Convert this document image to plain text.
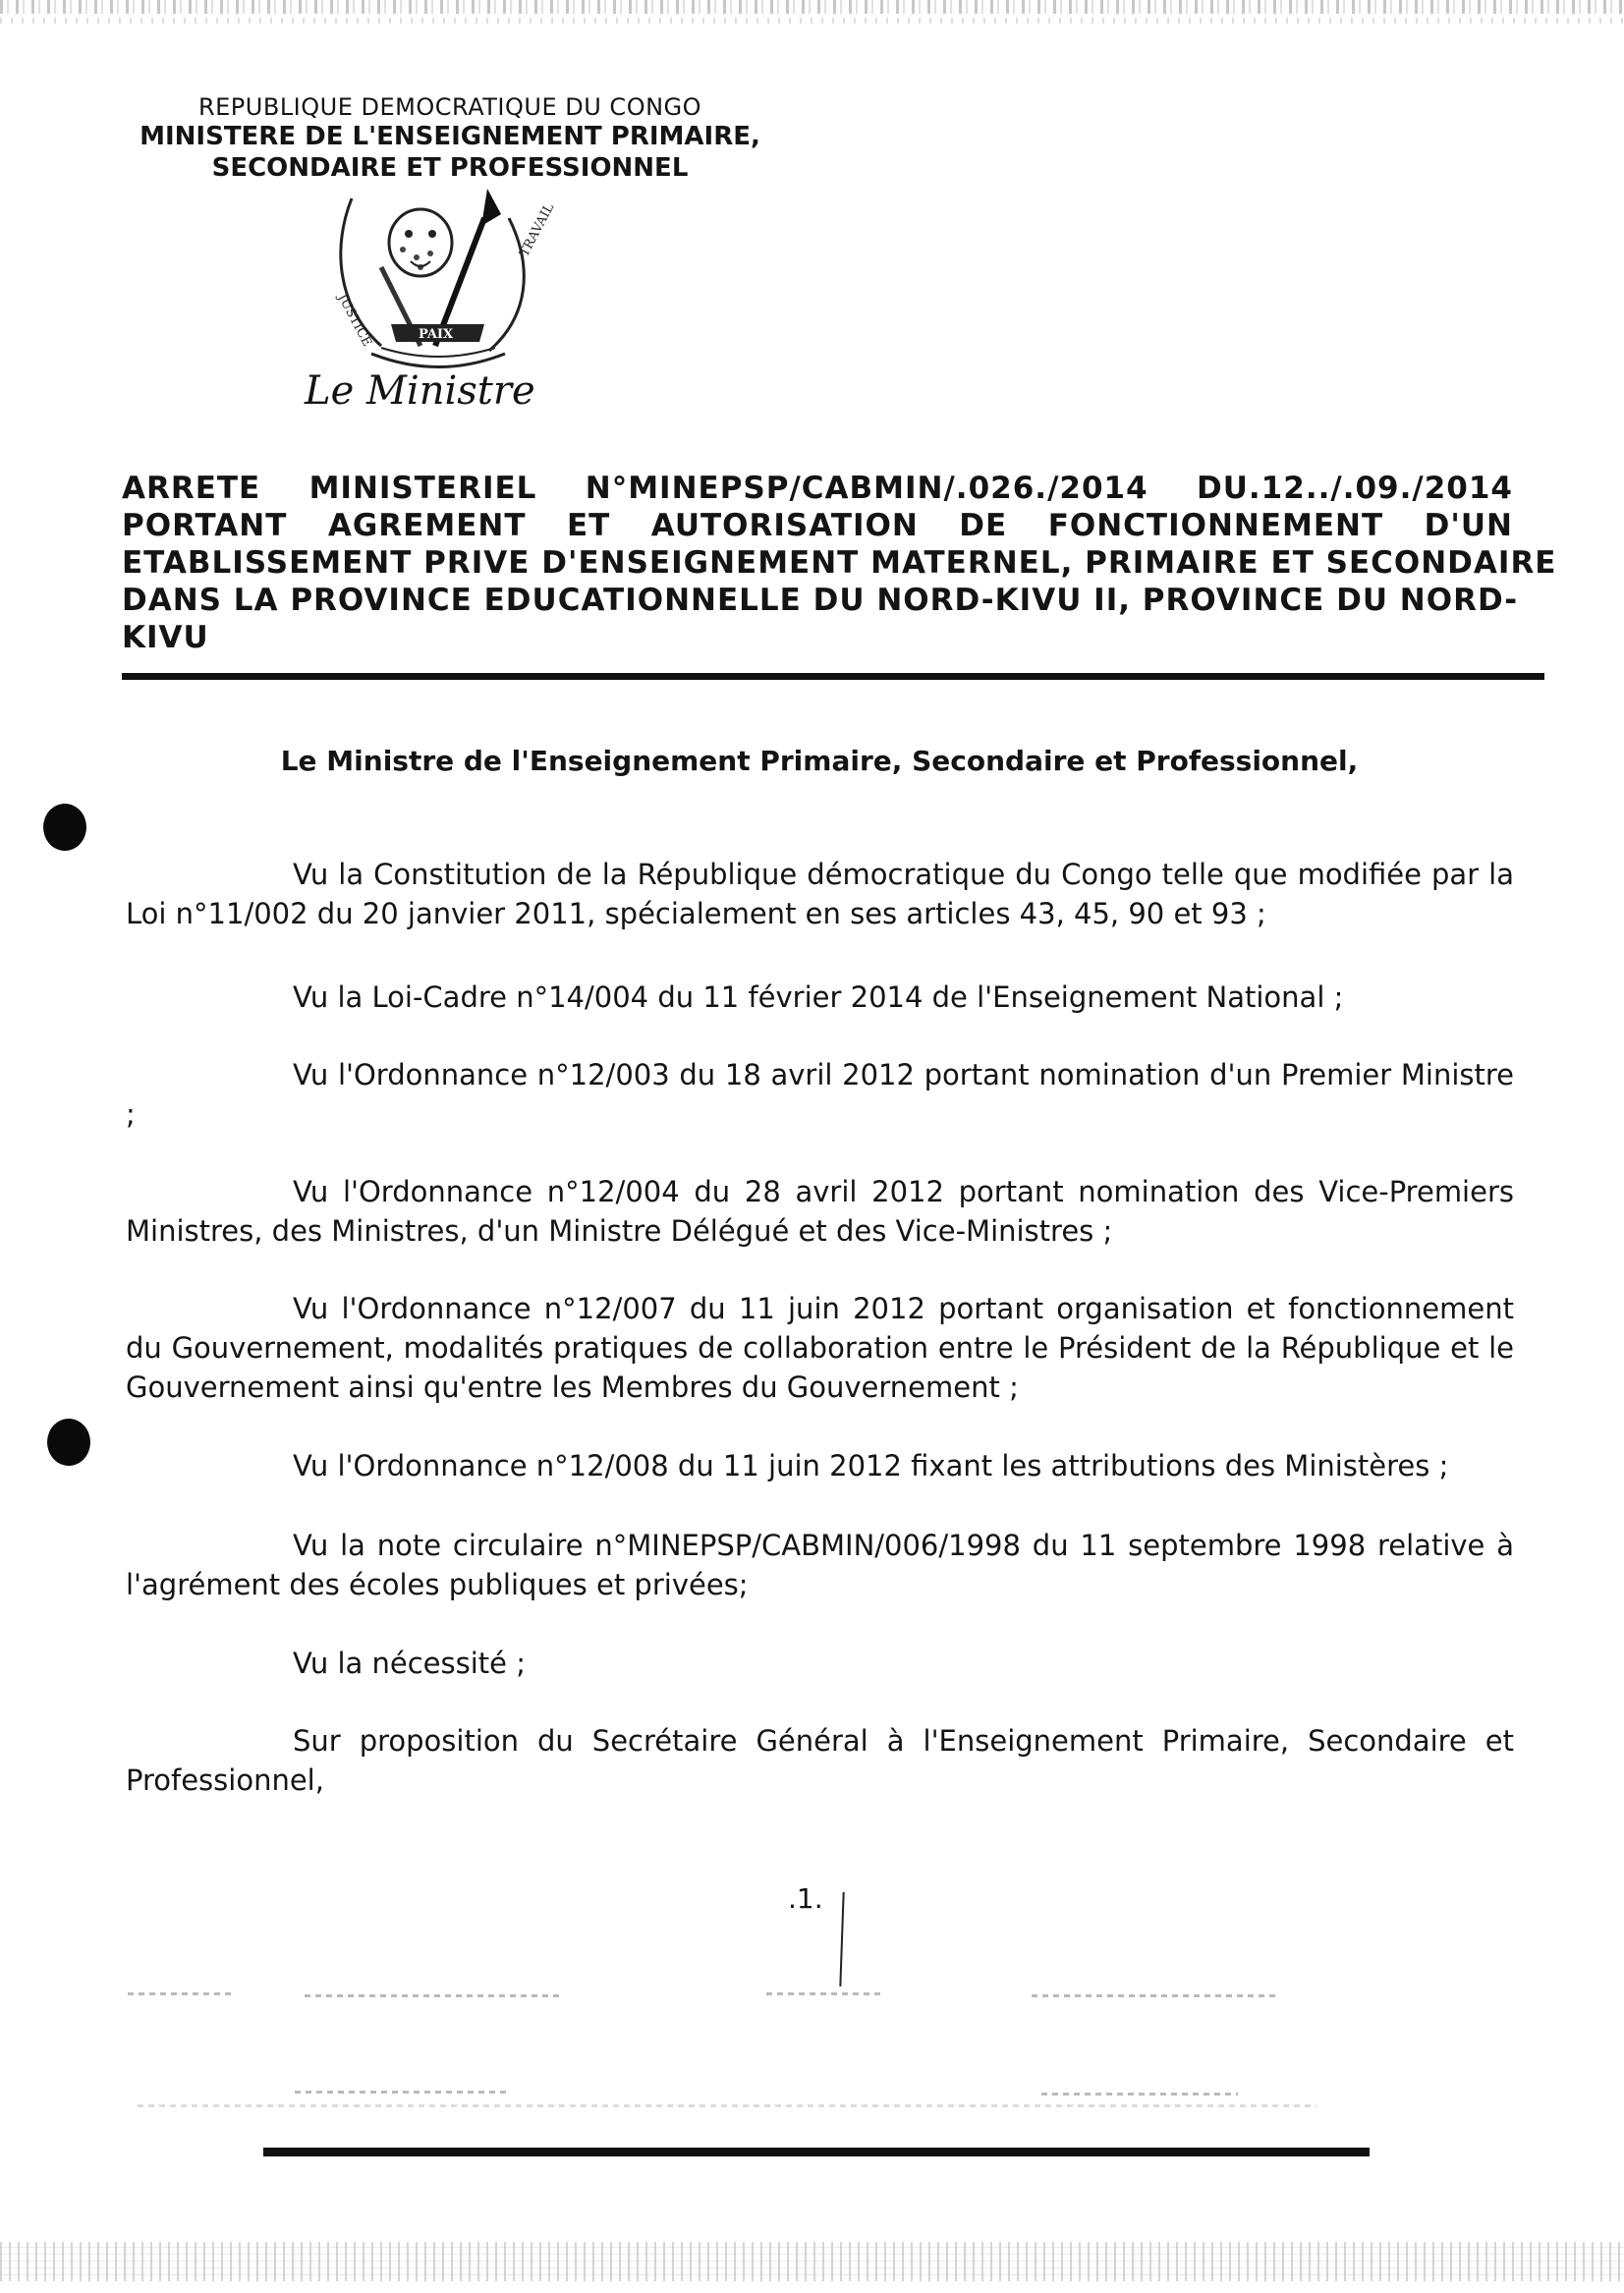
REPUBLIQUE DEMOCRATIQUE DU CONGO
MINISTERE DE L'ENSEIGNEMENT PRIMAIRE,
SECONDAIRE ET PROFESSIONNEL
JUSTICE
TRAVAIL
PAIX
Le Ministre
ARRETE MINISTERIEL N°MINEPSP/CABMIN/.026./2014 DU.12../.09./2014
PORTANT AGREMENT ET AUTORISATION DE FONCTIONNEMENT D'UN
ETABLISSEMENT PRIVE D'ENSEIGNEMENT MATERNEL, PRIMAIRE ET SECONDAIRE
DANS LA PROVINCE EDUCATIONNELLE DU NORD-KIVU II, PROVINCE DU NORD-
KIVU
Le Ministre de l'Enseignement Primaire, Secondaire et Professionnel,

Vu la Constitution de la République démocratique du Congo telle que modifiée par la Loi n°11/002 du 20 janvier 2011, spécialement en ses articles 43, 45, 90 et 93 ;

Vu la Loi-Cadre n°14/004 du 11 février 2014 de l'Enseignement National ;

Vu l'Ordonnance n°12/003 du 18 avril 2012 portant nomination d'un Premier Ministre ;

Vu l'Ordonnance n°12/004 du 28 avril 2012 portant nomination des Vice-Premiers Ministres, des Ministres, d'un Ministre Délégué et des Vice-Ministres ;

Vu l'Ordonnance n°12/007 du 11 juin 2012 portant organisation et fonctionnement du Gouvernement, modalités pratiques de collaboration entre le Président de la République et le Gouvernement ainsi qu'entre les Membres du Gouvernement ;

Vu l'Ordonnance n°12/008 du 11 juin 2012 fixant les attributions des Ministères ;

Vu la note circulaire n°MINEPSP/CABMIN/006/1998 du 11 septembre 1998 relative à l'agrément des écoles publiques et privées;

Vu la nécessité ;

Sur proposition du Secrétaire Général à l'Enseignement Primaire, Secondaire et Professionnel,

.1.
